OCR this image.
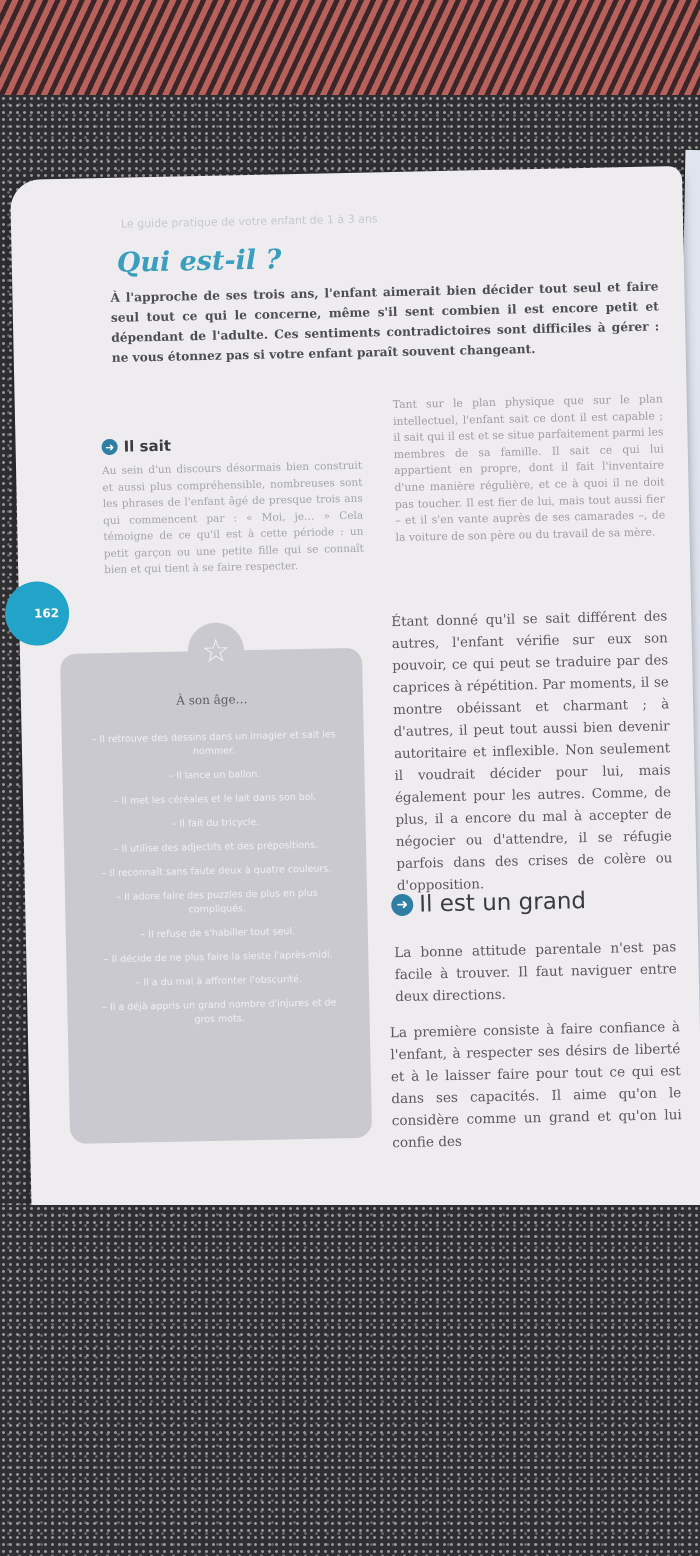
Le guide pratique de votre enfant de 1 à 3 ans
Qui est-il ?

À l'approche de ses trois ans, l'enfant aimerait bien décider tout seul et faire seul tout ce qui le concerne, même s'il sent combien il est encore petit et dépendant de l'adulte. Ces sentiments contradictoires sont difficiles à gérer : ne vous étonnez pas si votre enfant paraît souvent changeant.

➜ Il sait

Au sein d'un discours désormais bien construit et aussi plus compréhensible, nombreuses sont les phrases de l'enfant âgé de presque trois ans qui commencent par : « Moi, je… » Cela témoigne de ce qu'il est à cette période : un petit garçon ou une petite fille qui se connaît bien et qui tient à se faire respecter.

Tant sur le plan physique que sur le plan intellectuel, l'enfant sait ce dont il est capable ; il sait qui il est et se situe parfaitement parmi les membres de sa famille. Il sait ce qui lui appartient en propre, dont il fait l'inventaire d'une manière régulière, et ce à quoi il ne doit pas toucher. Il est fier de lui, mais tout aussi fier – et il s'en vante auprès de ses camarades –, de la voiture de son père ou du travail de sa mère.

Étant donné qu'il se sait différent des autres, l'enfant vérifie sur eux son pouvoir, ce qui peut se traduire par des caprices à répétition. Par moments, il se montre obéissant et charmant ; à d'autres, il peut tout aussi bien devenir autoritaire et inflexible. Non seulement il voudrait décider pour lui, mais également pour les autres. Comme, de plus, il a encore du mal à accepter de négocier ou d'attendre, il se réfugie parfois dans des crises de colère ou d'opposition.

162
☆

À son âge…

– Il retrouve des dessins dans un imagier et sait les nommer.
– Il lance un ballon.
– Il met les céréales et le lait dans son bol.
– Il fait du tricycle.
– Il utilise des adjectifs et des prépositions.
– Il reconnaît sans faute deux à quatre couleurs.
– Il adore faire des puzzles de plus en plus compliqués.
– Il refuse de s'habiller tout seul.
– Il décide de ne plus faire la sieste l'après-midi.
– Il a du mal à affronter l'obscurité.
– Il a déjà appris un grand nombre d'injures et de gros mots.
➜ Il est un grand

La bonne attitude parentale n'est pas facile à trouver. Il faut naviguer entre deux directions.

La première consiste à faire confiance à l'enfant, à respecter ses désirs de liberté et à le laisser faire pour tout ce qui est dans ses capacités. Il aime qu'on le considère comme un grand et qu'on lui confie des
